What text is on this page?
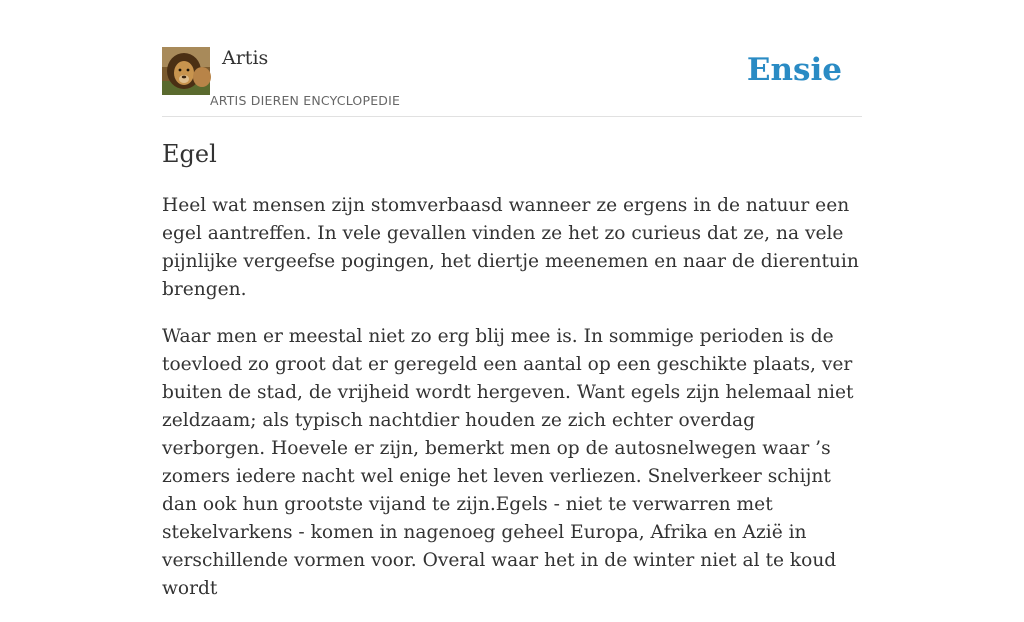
Artis
ARTIS DIEREN ENCYCLOPEDIE
Ensie
Egel

Heel wat mensen zijn stomverbaasd wanneer ze ergens in de natuur een egel aantreffen. In vele gevallen vinden ze het zo curieus dat ze, na vele pijnlijke vergeefse pogingen, het diertje meenemen en naar de dierentuin brengen.

Waar men er meestal niet zo erg blij mee is. In sommige perioden is de toevloed zo groot dat er geregeld een aantal op een geschikte plaats, ver buiten de stad, de vrijheid wordt hergeven. Want egels zijn helemaal niet zeldzaam; als typisch nachtdier houden ze zich echter overdag verborgen. Hoevele er zijn, bemerkt men op de autosnelwegen waar ’s zomers iedere nacht wel enige het leven verliezen. Snelverkeer schijnt dan ook hun grootste vijand te zijn.Egels - niet te verwarren met stekelvarkens - komen in nagenoeg geheel Europa, Afrika en Azië in verschillende vormen voor. Overal waar het in de winter niet al te koud wordt
